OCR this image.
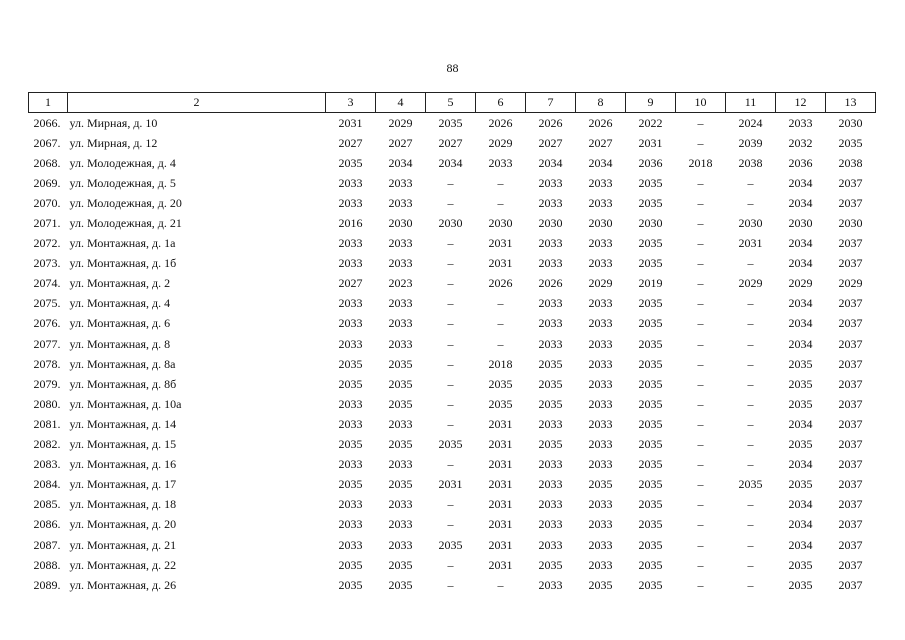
88
1	2	3	4	5	6	7	8	9	10	11	12	13
2066.	ул. Мирная, д. 10	2031	2029	2035	2026	2026	2026	2022	–	2024	2033	2030
2067.	ул. Мирная, д. 12	2027	2027	2027	2029	2027	2027	2031	–	2039	2032	2035
2068.	ул. Молодежная, д. 4	2035	2034	2034	2033	2034	2034	2036	2018	2038	2036	2038
2069.	ул. Молодежная, д. 5	2033	2033	–	–	2033	2033	2035	–	–	2034	2037
2070.	ул. Молодежная, д. 20	2033	2033	–	–	2033	2033	2035	–	–	2034	2037
2071.	ул. Молодежная, д. 21	2016	2030	2030	2030	2030	2030	2030	–	2030	2030	2030
2072.	ул. Монтажная, д. 1а	2033	2033	–	2031	2033	2033	2035	–	2031	2034	2037
2073.	ул. Монтажная, д. 1б	2033	2033	–	2031	2033	2033	2035	–	–	2034	2037
2074.	ул. Монтажная, д. 2	2027	2023	–	2026	2026	2029	2019	–	2029	2029	2029
2075.	ул. Монтажная, д. 4	2033	2033	–	–	2033	2033	2035	–	–	2034	2037
2076.	ул. Монтажная, д. 6	2033	2033	–	–	2033	2033	2035	–	–	2034	2037
2077.	ул. Монтажная, д. 8	2033	2033	–	–	2033	2033	2035	–	–	2034	2037
2078.	ул. Монтажная, д. 8а	2035	2035	–	2018	2035	2033	2035	–	–	2035	2037
2079.	ул. Монтажная, д. 8б	2035	2035	–	2035	2035	2033	2035	–	–	2035	2037
2080.	ул. Монтажная, д. 10а	2033	2035	–	2035	2035	2033	2035	–	–	2035	2037
2081.	ул. Монтажная, д. 14	2033	2033	–	2031	2033	2033	2035	–	–	2034	2037
2082.	ул. Монтажная, д. 15	2035	2035	2035	2031	2035	2033	2035	–	–	2035	2037
2083.	ул. Монтажная, д. 16	2033	2033	–	2031	2033	2033	2035	–	–	2034	2037
2084.	ул. Монтажная, д. 17	2035	2035	2031	2031	2033	2035	2035	–	2035	2035	2037
2085.	ул. Монтажная, д. 18	2033	2033	–	2031	2033	2033	2035	–	–	2034	2037
2086.	ул. Монтажная, д. 20	2033	2033	–	2031	2033	2033	2035	–	–	2034	2037
2087.	ул. Монтажная, д. 21	2033	2033	2035	2031	2033	2033	2035	–	–	2034	2037
2088.	ул. Монтажная, д. 22	2035	2035	–	2031	2035	2033	2035	–	–	2035	2037
2089.	ул. Монтажная, д. 26	2035	2035	–	–	2033	2035	2035	–	–	2035	2037
